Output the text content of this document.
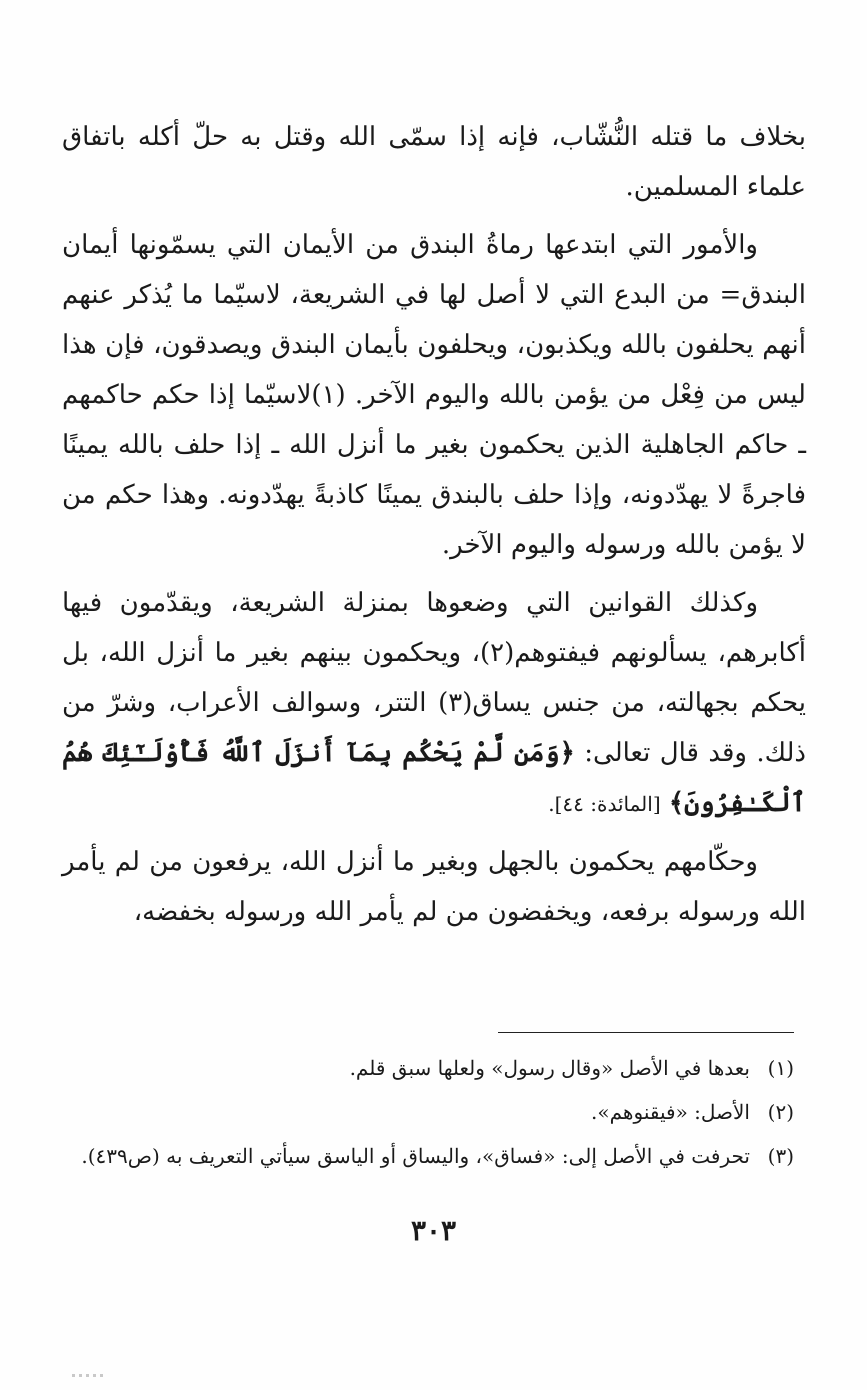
بخلاف ما قتله النُّشّاب، فإنه إذا سمّى الله وقتل به حلّ أكله باتفاق علماء المسلمين.

والأمور التي ابتدعها رماةُ البندق من الأيمان التي يسمّونها أيمان البندق= من البدع التي لا أصل لها في الشريعة، لاسيّما ما يُذكر عنهم أنهم يحلفون بالله ويكذبون، ويحلفون بأيمان البندق ويصدقون، فإن هذا ليس من فِعْل من يؤمن بالله واليوم الآخر. (١)لاسيّما إذا حكم حاكمهم ـ حاكم الجاهلية الذين يحكمون بغير ما أنزل الله ـ إذا حلف بالله يمينًا فاجرةً لا يهدّدونه، وإذا حلف بالبندق يمينًا كاذبةً يهدّدونه. وهذا حكم من لا يؤمن بالله ورسوله واليوم الآخر.

وكذلك القوانين التي وضعوها بمنزلة الشريعة، ويقدّمون فيها أكابرهم، يسألونهم فيفتوهم(٢)، ويحكمون بينهم بغير ما أنزل الله، بل يحكم بجهالته، من جنس يساق(٣) التتر، وسوالف الأعراب، وشرّ من ذلك. وقد قال تعالى: ﴿وَمَن لَّمْ يَحْكُم بِمَآ أَنزَلَ ٱللَّهُ فَأُوْلَـٰٓئِكَ هُمُ ٱلْكَـٰفِرُونَ﴾ [المائدة: ٤٤].

وحكّامهم يحكمون بالجهل وبغير ما أنزل الله، يرفعون من لم يأمر الله ورسوله برفعه، ويخفضون من لم يأمر الله ورسوله بخفضه،

(١)بعدها في الأصل «وقال رسول» ولعلها سبق قلم.

(٢)الأصل: «فيقنوهم».

(٣)تحرفت في الأصل إلى: «فساق»، واليساق أو الياسق سيأتي التعريف به (ص٤٣٩).

٣٠٣
